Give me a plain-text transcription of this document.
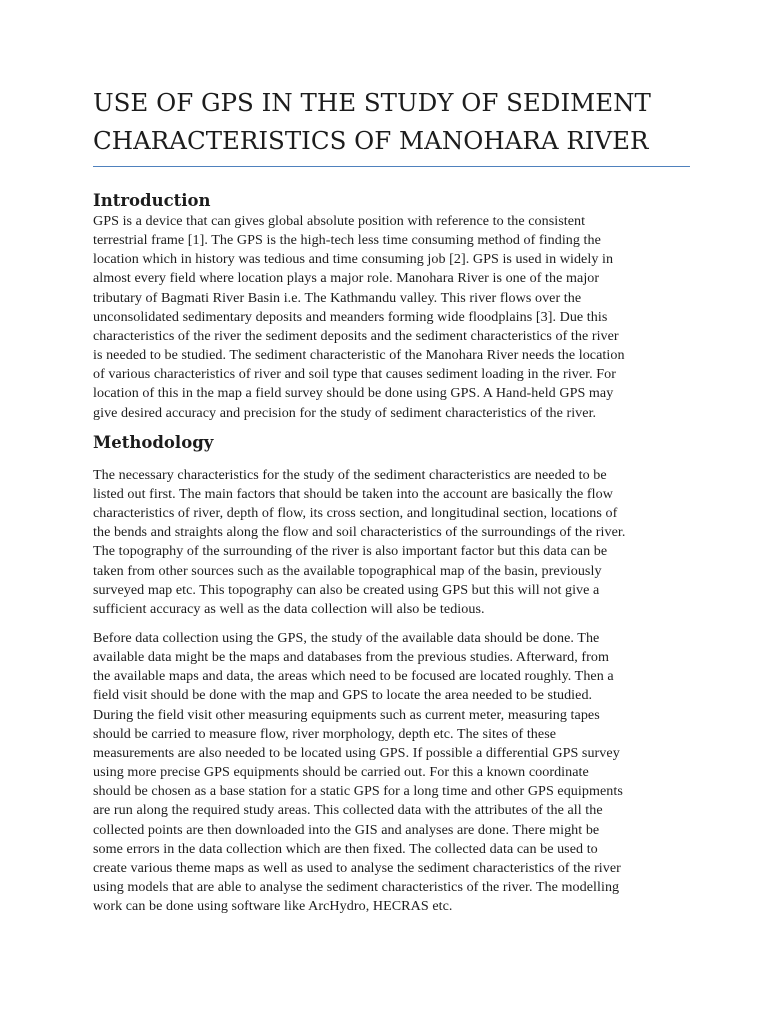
USE OF GPS IN THE STUDY OF SEDIMENT
CHARACTERISTICS OF MANOHARA RIVER
Introduction

GPS is a device that can gives global absolute position with reference to the consistent
terrestrial frame [1]. The GPS is the high-tech less time consuming method of finding the
location which in history was tedious and time consuming job [2]. GPS is used in widely in
almost every field where location plays a major role. Manohara River is one of the major
tributary of Bagmati River Basin i.e. The Kathmandu valley. This river flows over the
unconsolidated sedimentary deposits and meanders forming wide floodplains [3]. Due this
characteristics of the river the sediment deposits and the sediment characteristics of the river
is needed to be studied. The sediment characteristic of the Manohara River needs the location
of various characteristics of river and soil type that causes sediment loading in the river. For
location of this in the map a field survey should be done using GPS. A Hand-held GPS may
give desired accuracy and precision for the study of sediment characteristics of the river.

Methodology

The necessary characteristics for the study of the sediment characteristics are needed to be
listed out first. The main factors that should be taken into the account are basically the flow
characteristics of river, depth of flow, its cross section, and longitudinal section, locations of
the bends and straights along the flow and soil characteristics of the surroundings of the river.
The topography of the surrounding of the river is also important factor but this data can be
taken from other sources such as the available topographical map of the basin, previously
surveyed map etc. This topography can also be created using GPS but this will not give a
sufficient accuracy as well as the data collection will also be tedious.

Before data collection using the GPS, the study of the available data should be done. The
available data might be the maps and databases from the previous studies. Afterward, from
the available maps and data, the areas which need to be focused are located roughly. Then a
field visit should be done with the map and GPS to locate the area needed to be studied.
During the field visit other measuring equipments such as current meter, measuring tapes
should be carried to measure flow, river morphology, depth etc. The sites of these
measurements are also needed to be located using GPS. If possible a differential GPS survey
using more precise GPS equipments should be carried out. For this a known coordinate
should be chosen as a base station for a static GPS for a long time and other GPS equipments
are run along the required study areas. This collected data with the attributes of the all the
collected points are then downloaded into the GIS and analyses are done. There might be
some errors in the data collection which are then fixed. The collected data can be used to
create various theme maps as well as used to analyse the sediment characteristics of the river
using models that are able to analyse the sediment characteristics of the river. The modelling
work can be done using software like ArcHydro, HECRAS etc.
